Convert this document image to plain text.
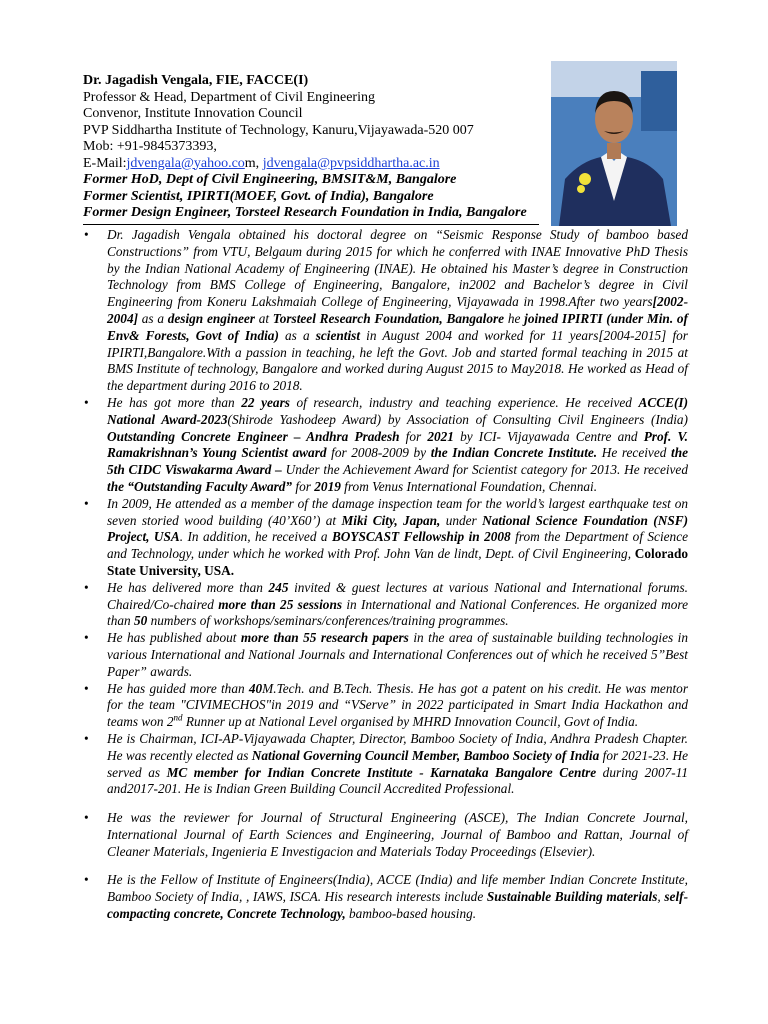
Dr. Jagadish Vengala, FIE, FACCE(I)
Professor & Head, Department of Civil Engineering
Convenor, Institute Innovation Council
PVP Siddhartha Institute of Technology, Kanuru,Vijayawada-520 007
Mob: +91-9845373393,
E-Mail:jdvengala@yahoo.com, jdvengala@pvpsiddhartha.ac.in
Former HoD, Dept of Civil Engineering, BMSIT&M, Bangalore
Former Scientist, IPIRTI(MOEF, Govt. of India), Bangalore
Former Design Engineer, Torsteel Research Foundation in India, Bangalore
• Dr. Jagadish Vengala obtained his doctoral degree on “Seismic Response Study of bamboo based Constructions” from VTU, Belgaum during 2015 for which he conferred with INAE Innovative PhD Thesis by the Indian National Academy of Engineering (INAE). He obtained his Master’s degree in Construction Technology from BMS College of Engineering, Bangalore, in2002 and Bachelor’s degree in Civil Engineering from Koneru Lakshmaiah College of Engineering, Vijayawada in 1998.After two years[2002-2004] as a design engineer at Torsteel Research Foundation, Bangalore he joined IPIRTI (under Min. of Env& Forests, Govt of India) as a scientist in August 2004 and worked for 11 years[2004-2015] for IPIRTI,Bangalore.With a passion in teaching, he left the Govt. Job and started formal teaching in 2015 at BMS Institute of technology, Bangalore and worked during August 2015 to May2018. He worked as Head of the department during 2016 to 2018.
• He has got more than 22 years of research, industry and teaching experience. He received ACCE(I) National Award-2023(Shirode Yashodeep Award) by Association of Consulting Civil Engineers (India) Outstanding Concrete Engineer – Andhra Pradesh for 2021 by ICI- Vijayawada Centre and Prof. V. Ramakrishnan’s Young Scientist award for 2008-2009 by the Indian Concrete Institute. He received the 5th CIDC Viswakarma Award – Under the Achievement Award for Scientist category for 2013. He received the “Outstanding Faculty Award” for 2019 from Venus International Foundation, Chennai.
• In 2009, He attended as a member of the damage inspection team for the world’s largest earthquake test on seven storied wood building (40’X60’) at Miki City, Japan, under National Science Foundation (NSF) Project, USA. In addition, he received a BOYSCAST Fellowship in 2008 from the Department of Science and Technology, under which he worked with Prof. John Van de lindt, Dept. of Civil Engineering, Colorado State University, USA.
• He has delivered more than 245 invited & guest lectures at various National and International forums. Chaired/Co-chaired more than 25 sessions in International and National Conferences. He organized more than 50 numbers of workshops/seminars/conferences/training programmes.
• He has published about more than 55 research papers in the area of sustainable building technologies in various International and National Journals and International Conferences out of which he received 5”Best Paper” awards.
• He has guided more than 40M.Tech. and B.Tech. Thesis. He has got a patent on his credit. He was mentor for the team "CIVIMECHOS"in 2019 and “VServe” in 2022 participated in Smart India Hackathon and teams won 2nd Runner up at National Level organised by MHRD Innovation Council, Govt of India.
• He is Chairman, ICI-AP-Vijayawada Chapter, Director, Bamboo Society of India, Andhra Pradesh Chapter. He was recently elected as National Governing Council Member, Bamboo Society of India for 2021-23. He served as MC member for Indian Concrete Institute - Karnataka Bangalore Centre during 2007-11 and2017-201. He is Indian Green Building Council Accredited Professional.
• He was the reviewer for Journal of Structural Engineering (ASCE), The Indian Concrete Journal, International Journal of Earth Sciences and Engineering, Journal of Bamboo and Rattan, Journal of Cleaner Materials, Ingenieria E Investigacion and Materials Today Proceedings (Elsevier).
• He is the Fellow of Institute of Engineers(India), ACCE (India) and life member Indian Concrete Institute, Bamboo Society of India, , IAWS, ISCA. His research interests include Sustainable Building materials, self- compacting concrete, Concrete Technology, bamboo-based housing.
